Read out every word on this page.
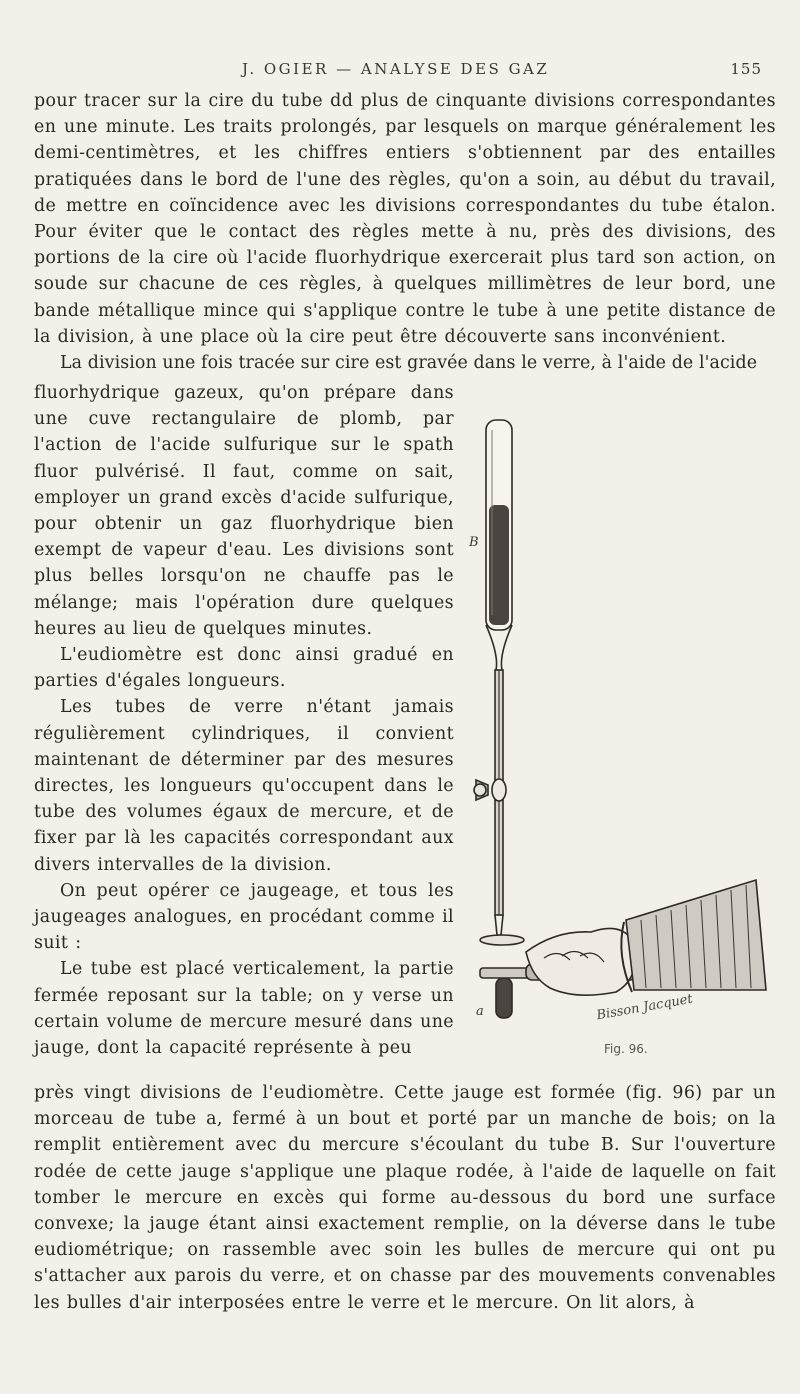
J. OGIER — ANALYSE DES GAZ	155

pour tracer sur la cire du tube dd plus de cinquante divisions correspondantes en une minute. Les traits prolongés, par lesquels on marque généralement les demi-centimètres, et les chiffres entiers s'obtiennent par des entailles pratiquées dans le bord de l'une des règles, qu'on a soin, au début du travail, de mettre en coïncidence avec les divisions correspondantes du tube étalon. Pour éviter que le contact des règles mette à nu, près des divisions, des portions de la cire où l'acide fluorhydrique exercerait plus tard son action, on soude sur chacune de ces règles, à quelques millimètres de leur bord, une bande métallique mince qui s'applique contre le tube à une petite distance de la division, à une place où la cire peut être découverte sans inconvénient.

La division une fois tracée sur cire est gravée dans le verre, à l'aide de l'acide

fluorhydrique gazeux, qu'on prépare dans une cuve rectangulaire de plomb, par l'action de l'acide sulfurique sur le spath fluor pulvérisé. Il faut, comme on sait, employer un grand excès d'acide sulfurique, pour obtenir un gaz fluorhydrique bien exempt de vapeur d'eau. Les divisions sont plus belles lorsqu'on ne chauffe pas le mélange; mais l'opération dure quelques heures au lieu de quelques minutes.

L'eudiomètre est donc ainsi gradué en parties d'égales longueurs.

Les tubes de verre n'étant jamais régulièrement cylindriques, il convient maintenant de déterminer par des mesures directes, les longueurs qu'occupent dans le tube des volumes égaux de mercure, et de fixer par là les capacités correspondant aux divers intervalles de la division.

On peut opérer ce jaugeage, et tous les jaugeages analogues, en procédant comme il suit :

Le tube est placé verticalement, la partie fermée reposant sur la table; on y verse un certain volume de mercure mesuré dans une jauge, dont la capacité représente à peu

près vingt divisions de l'eudiomètre. Cette jauge est formée (fig. 96) par un morceau de tube a, fermé à un bout et porté par un manche de bois; on la remplit entièrement avec du mercure s'écoulant du tube B. Sur l'ouverture rodée de cette jauge s'applique une plaque rodée, à l'aide de laquelle on fait tomber le mercure en excès qui forme au-dessous du bord une surface convexe; la jauge étant ainsi exactement remplie, on la déverse dans le tube eudiométrique; on rassemble avec soin les bulles de mercure qui ont pu s'attacher aux parois du verre, et on chasse par des mouvements convenables les bulles d'air interposées entre le verre et le mercure. On lit alors, à

a
B
Bisson Jacquet
Fig. 96.
